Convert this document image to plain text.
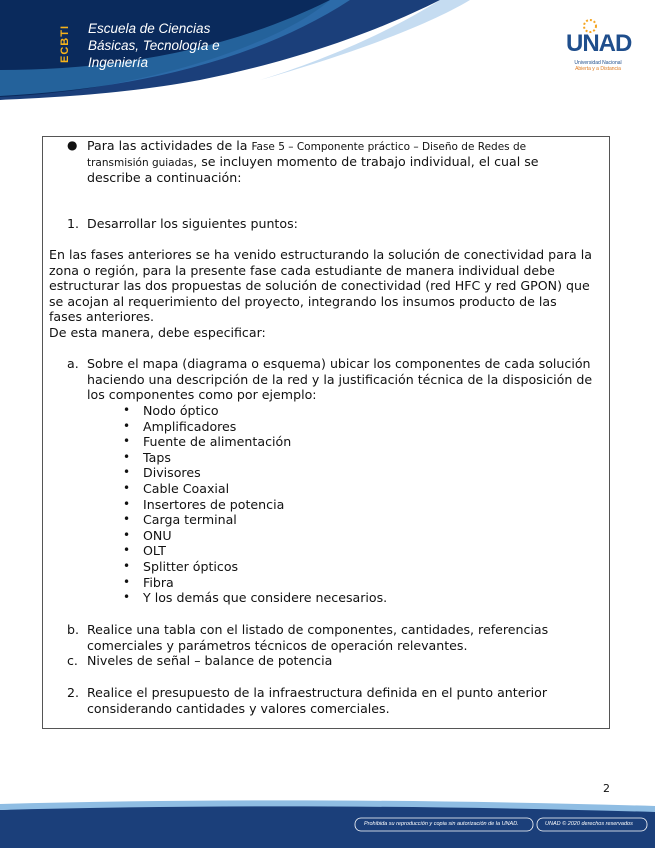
ECBTI Escuela de Ciencias
Básicas, Tecnología e
Ingeniería
UNAD
Universidad Nacional
Abierta y a Distancia
● Para las actividades de la Fase 5 – Componente práctico – Diseño de Redes de
transmisión guiadas, se incluyen momento de trabajo individual, el cual se
describe a continuación:
1. Desarrollar los siguientes puntos:
En las fases anteriores se ha venido estructurando la solución de conectividad para la
zona o región, para la presente fase cada estudiante de manera individual debe
estructurar las dos propuestas de solución de conectividad (red HFC y red GPON) que
se acojan al requerimiento del proyecto, integrando los insumos producto de las
fases anteriores.
De esta manera, debe especificar:
a. Sobre el mapa (diagrama o esquema) ubicar los componentes de cada solución
haciendo una descripción de la red y la justificación técnica de la disposición de
los componentes como por ejemplo:
• Nodo óptico
• Amplificadores
• Fuente de alimentación
• Taps
• Divisores
• Cable Coaxial
• Insertores de potencia
• Carga terminal
• ONU
• OLT
• Splitter ópticos
• Fibra
• Y los demás que considere necesarios.
b. Realice una tabla con el listado de componentes, cantidades, referencias
comerciales y parámetros técnicos de operación relevantes.
c. Niveles de señal – balance de potencia
2. Realice el presupuesto de la infraestructura definida en el punto anterior
considerando cantidades y valores comerciales.
2
Prohibida su reproducción y copia sin autorización de la UNAD.	UNAD © 2020 derechos reservados
